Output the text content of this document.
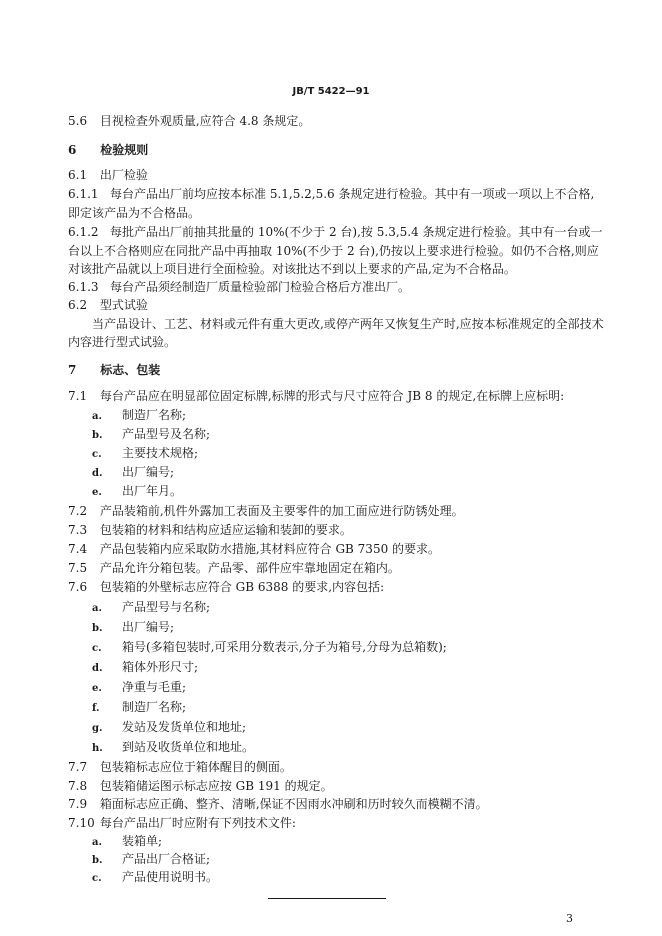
JB/T 5422—91
5.6 目视检查外观质量,应符合 4.8 条规定。
6 检验规则
6.1 出厂检验
6.1.1 每台产品出厂前均应按本标准 5.1,5.2,5.6 条规定进行检验。其中有一项或一项以上不合格,
即定该产品为不合格品。
6.1.2 每批产品出厂前抽其批量的 10%(不少于 2 台),按 5.3,5.4 条规定进行检验。其中有一台或一
台以上不合格则应在同批产品中再抽取 10%(不少于 2 台),仍按以上要求进行检验。如仍不合格,则应
对该批产品就以上项目进行全面检验。对该批达不到以上要求的产品,定为不合格品。
6.1.3 每台产品须经制造厂质量检验部门检验合格后方准出厂。
6.2 型式试验
当产品设计、工艺、材料或元件有重大更改,或停产两年又恢复生产时,应按本标准规定的全部技术
内容进行型式试验。
7 标志、包装
7.1 每台产品应在明显部位固定标牌,标牌的形式与尺寸应符合 JB 8 的规定,在标牌上应标明:
a. 制造厂名称;
b. 产品型号及名称;
c. 主要技术规格;
d. 出厂编号;
e. 出厂年月。
7.2 产品装箱前,机件外露加工表面及主要零件的加工面应进行防锈处理。
7.3 包装箱的材料和结构应适应运输和装卸的要求。
7.4 产品包装箱内应采取防水措施,其材料应符合 GB 7350 的要求。
7.5 产品允许分箱包装。产品零、部件应牢靠地固定在箱内。
7.6 包装箱的外壁标志应符合 GB 6388 的要求,内容包括:
a. 产品型号与名称;
b. 出厂编号;
c. 箱号(多箱包装时,可采用分数表示,分子为箱号,分母为总箱数);
d. 箱体外形尺寸;
e. 净重与毛重;
f. 制造厂名称;
g. 发站及发货单位和地址;
h. 到站及收货单位和地址。
7.7 包装箱标志应位于箱体醒目的侧面。
7.8 包装箱储运图示标志应按 GB 191 的规定。
7.9 箱面标志应正确、整齐、清晰,保证不因雨水冲刷和历时较久而模糊不清。
7.10 每台产品出厂时应附有下列技术文件:
a. 装箱单;
b. 产品出厂合格证;
c. 产品使用说明书。
3
